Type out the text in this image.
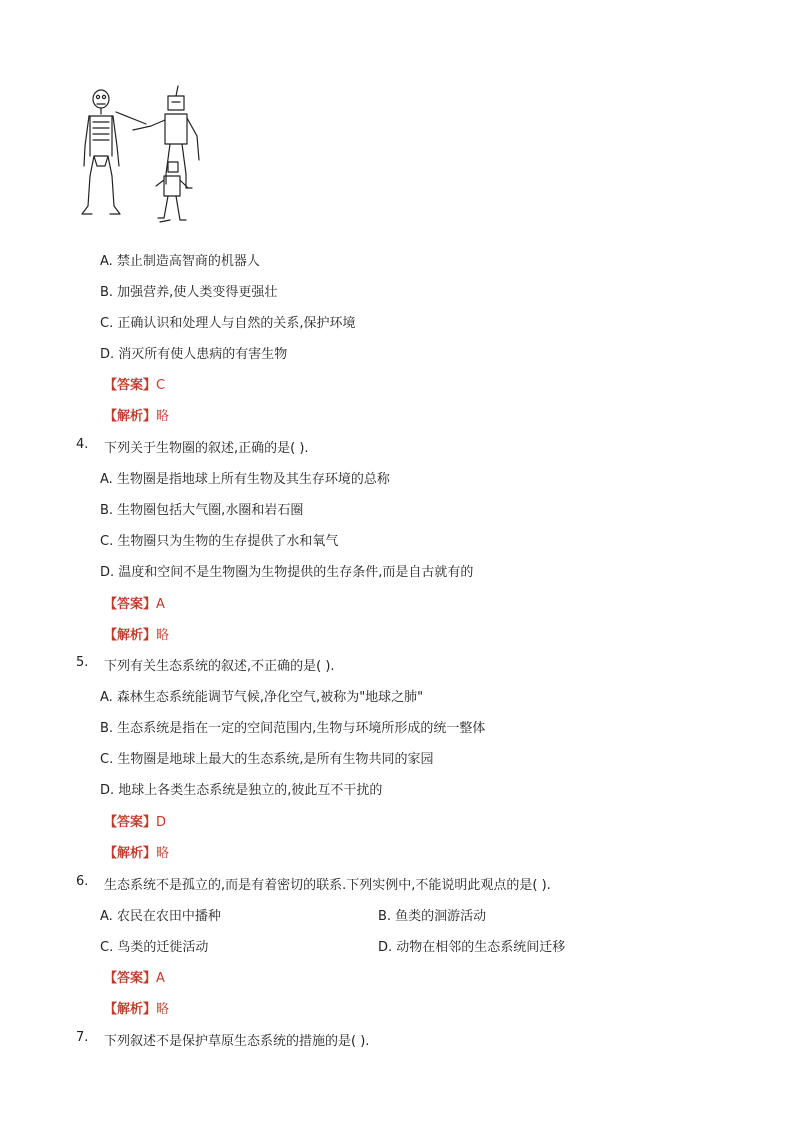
A. 禁止制造高智商的机器人
B. 加强营养,使人类变得更强壮
C. 正确认识和处理人与自然的关系,保护环境
D. 消灭所有使人患病的有害生物
【答案】C
【解析】略
4. 下列关于生物圈的叙述,正确的是( ).
A. 生物圈是指地球上所有生物及其生存环境的总称
B. 生物圈包括大气圈,水圈和岩石圈
C. 生物圈只为生物的生存提供了水和氧气
D. 温度和空间不是生物圈为生物提供的生存条件,而是自古就有的
【答案】A
【解析】略
5. 下列有关生态系统的叙述,不正确的是( ).
A. 森林生态系统能调节气候,净化空气,被称为"地球之肺"
B. 生态系统是指在一定的空间范围内,生物与环境所形成的统一整体
C. 生物圈是地球上最大的生态系统,是所有生物共同的家园
D. 地球上各类生态系统是独立的,彼此互不干扰的
【答案】D
【解析】略
6. 生态系统不是孤立的,而是有着密切的联系.下列实例中,不能说明此观点的是( ).
A. 农民在农田中播种	B. 鱼类的洄游活动
C. 鸟类的迁徙活动	D. 动物在相邻的生态系统间迁移
【答案】A
【解析】略
7. 下列叙述不是保护草原生态系统的措施的是( ).
